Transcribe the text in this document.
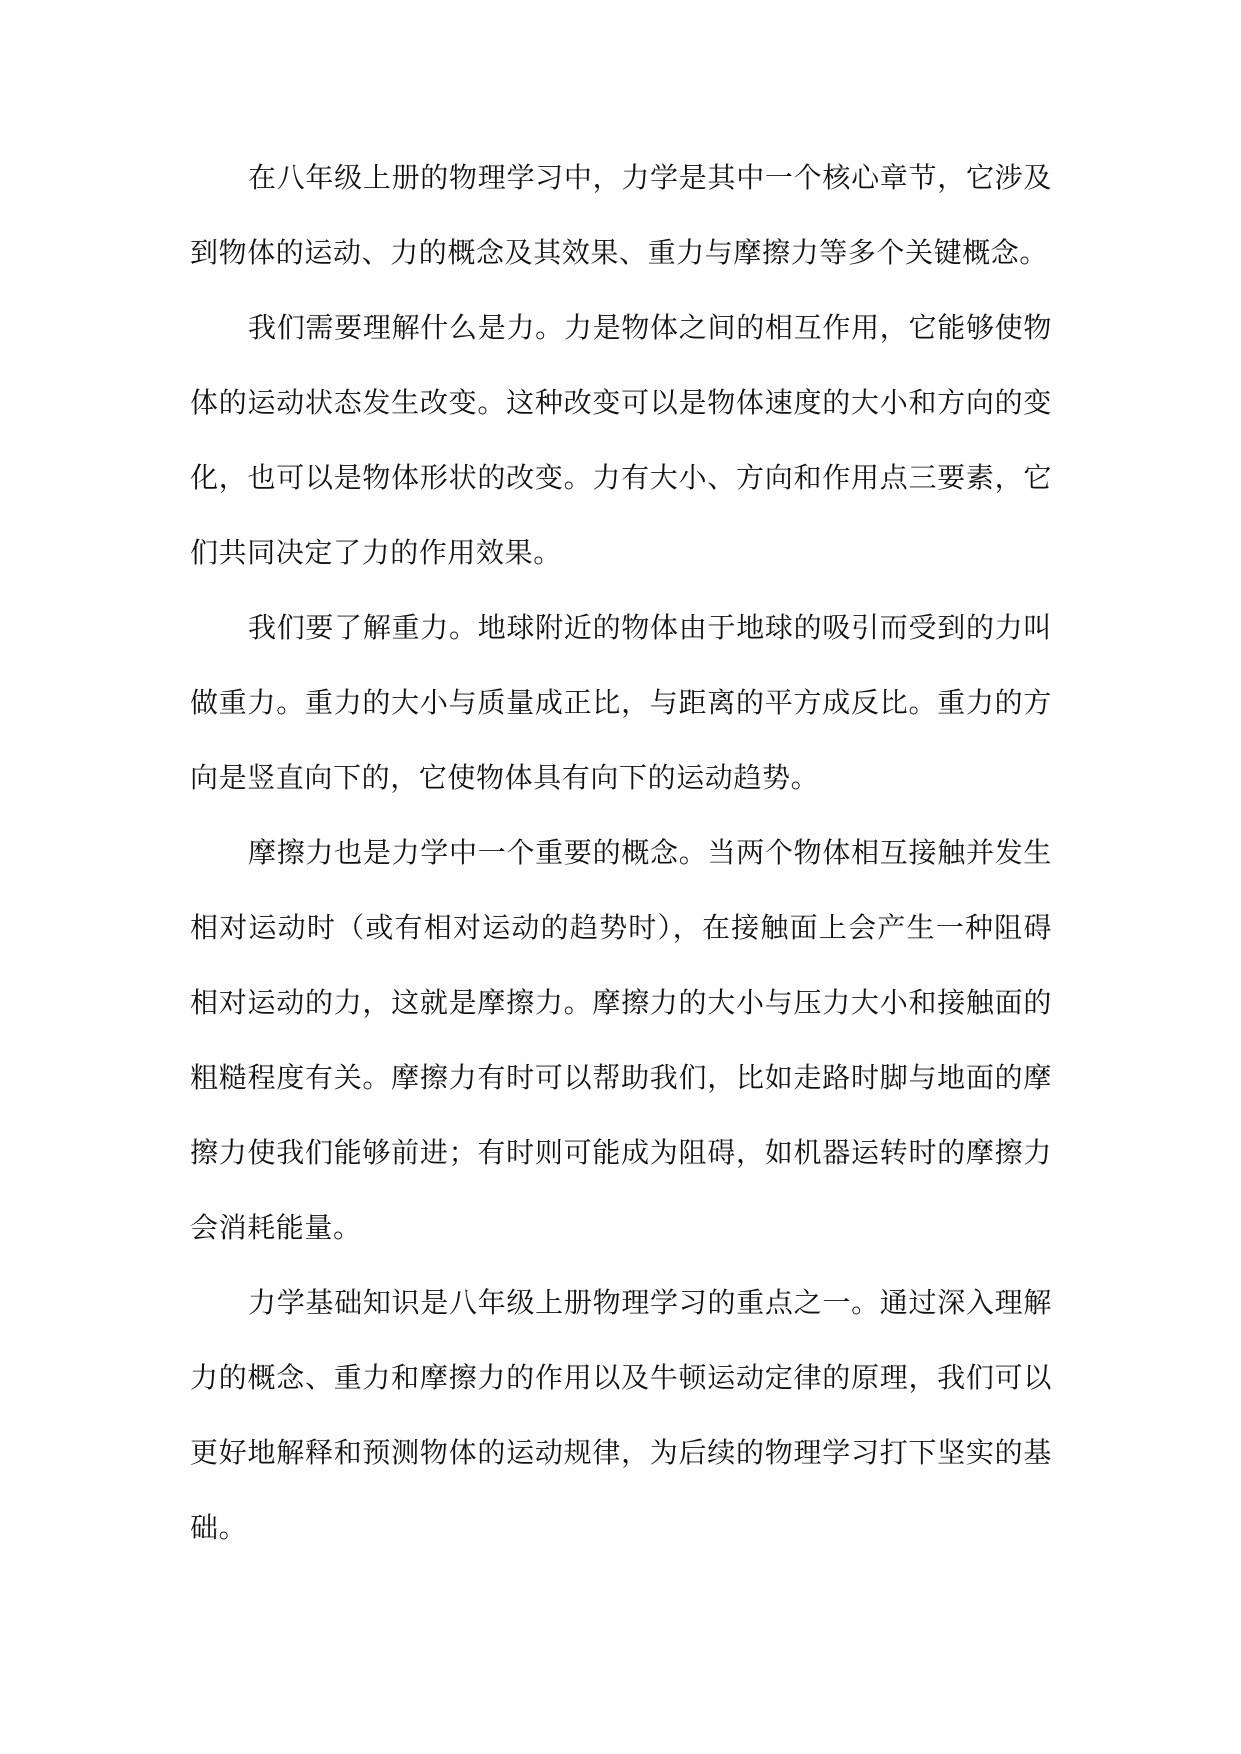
在八年级上册的物理学习中，力学是其中一个核心章节，它涉及到物体的运动、力的概念及其效果、重力与摩擦力等多个关键概念。

我们需要理解什么是力。力是物体之间的相互作用，它能够使物体的运动状态发生改变。这种改变可以是物体速度的大小和方向的变化，也可以是物体形状的改变。力有大小、方向和作用点三要素，它们共同决定了力的作用效果。

我们要了解重力。地球附近的物体由于地球的吸引而受到的力叫做重力。重力的大小与质量成正比，与距离的平方成反比。重力的方向是竖直向下的，它使物体具有向下的运动趋势。

摩擦力也是力学中一个重要的概念。当两个物体相互接触并发生相对运动时（或有相对运动的趋势时），在接触面上会产生一种阻碍相对运动的力，这就是摩擦力。摩擦力的大小与压力大小和接触面的粗糙程度有关。摩擦力有时可以帮助我们，比如走路时脚与地面的摩擦力使我们能够前进；有时则可能成为阻碍，如机器运转时的摩擦力会消耗能量。

力学基础知识是八年级上册物理学习的重点之一。通过深入理解力的概念、重力和摩擦力的作用以及牛顿运动定律的原理，我们可以更好地解释和预测物体的运动规律，为后续的物理学习打下坚实的基础。
